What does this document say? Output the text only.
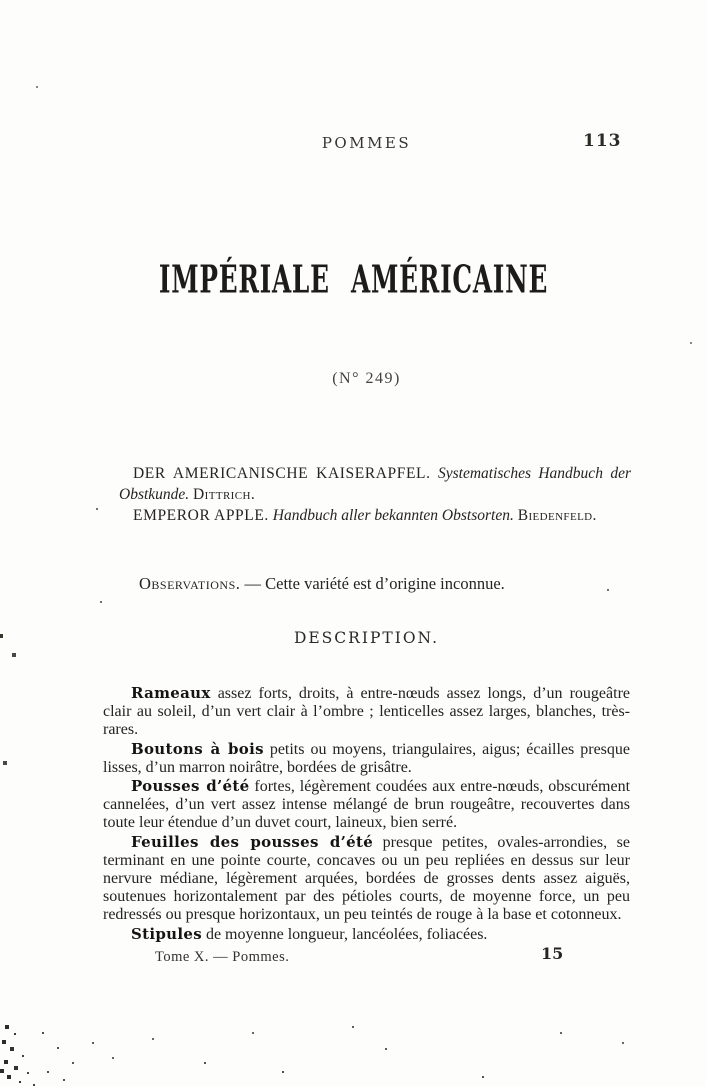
POMMES	113
IMPÉRIALE AMÉRICAINE
(N° 249)

DER AMERICANISCHE KAISERAPFEL. Systematisches Handbuch der Obstkunde. Dittrich.

EMPEROR APPLE. Handbuch aller bekannten Obstsorten. Biedenfeld.

Observations. — Cette variété est d’origine inconnue.

DESCRIPTION.

Rameaux assez forts, droits, à entre-nœuds assez longs, d’un rougeâtre clair au soleil, d’un vert clair à l’ombre ; lenticelles assez larges, blanches, très-rares.

Boutons à bois petits ou moyens, triangulaires, aigus; écailles presque lisses, d’un marron noirâtre, bordées de grisâtre.

Pousses d’été fortes, légèrement coudées aux entre-nœuds, obscurément cannelées, d’un vert assez intense mélangé de brun rougeâtre, recouvertes dans toute leur étendue d’un duvet court, laineux, bien serré.

Feuilles des pousses d’été presque petites, ovales-arrondies, se terminant en une pointe courte, concaves ou un peu repliées en dessus sur leur nervure médiane, légèrement arquées, bordées de grosses dents assez aiguës, soutenues horizontalement par des pétioles courts, de moyenne force, un peu redressés ou presque horizontaux, un peu teintés de rouge à la base et cotonneux.

Stipules de moyenne longueur, lancéolées, foliacées.

Tome X. — Pommes.	15
